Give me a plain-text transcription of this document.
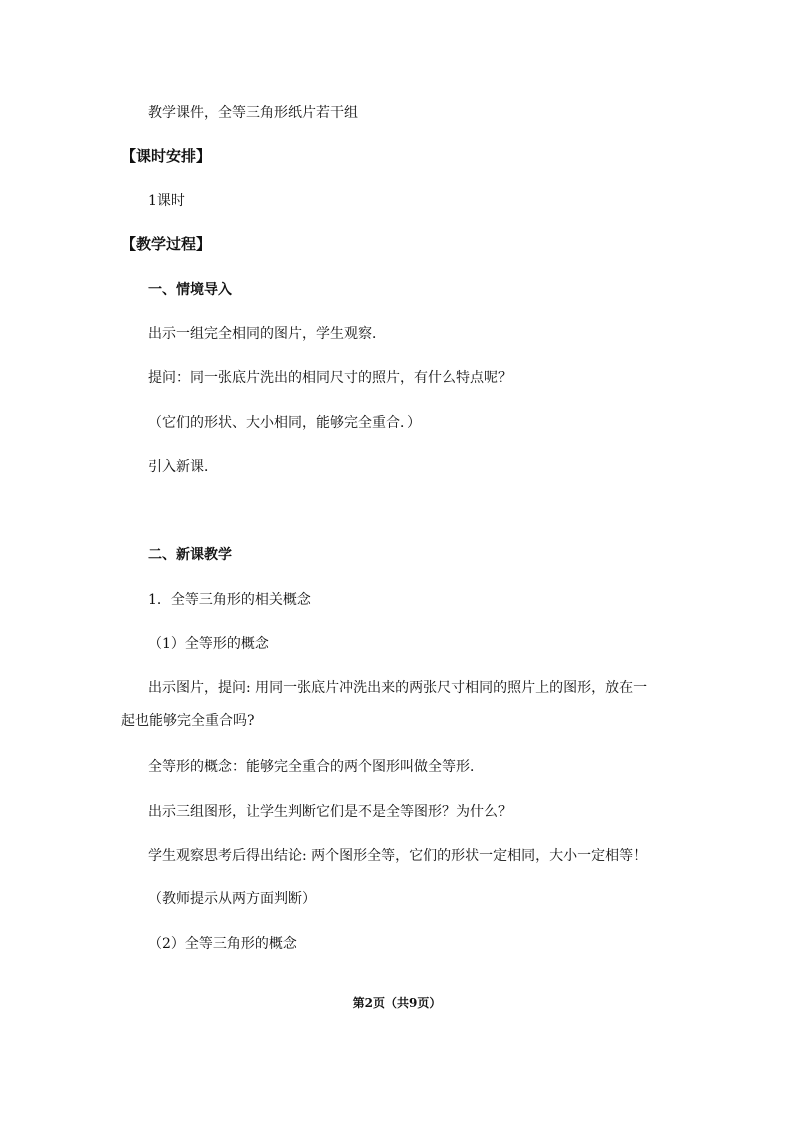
教学课件，全等三角形纸片若干组
【课时安排】
1课时
【教学过程】
一、情境导入
出示一组完全相同的图片，学生观察．
提问：同一张底片洗出的相同尺寸的照片，有什么特点呢？
（它们的形状、大小相同，能够完全重合．）
引入新课．
二、新课教学
1．全等三角形的相关概念
（1）全等形的概念
出示图片，提问: 用同一张底片冲洗出来的两张尺寸相同的照片上的图形，放在一
起也能够完全重合吗?
全等形的概念：能够完全重合的两个图形叫做全等形．
出示三组图形，让学生判断它们是不是全等图形？为什么？
学生观察思考后得出结论: 两个图形全等，它们的形状一定相同，大小一定相等！
（教师提示从两方面判断）
（2）全等三角形的概念
第2页（共9页）
